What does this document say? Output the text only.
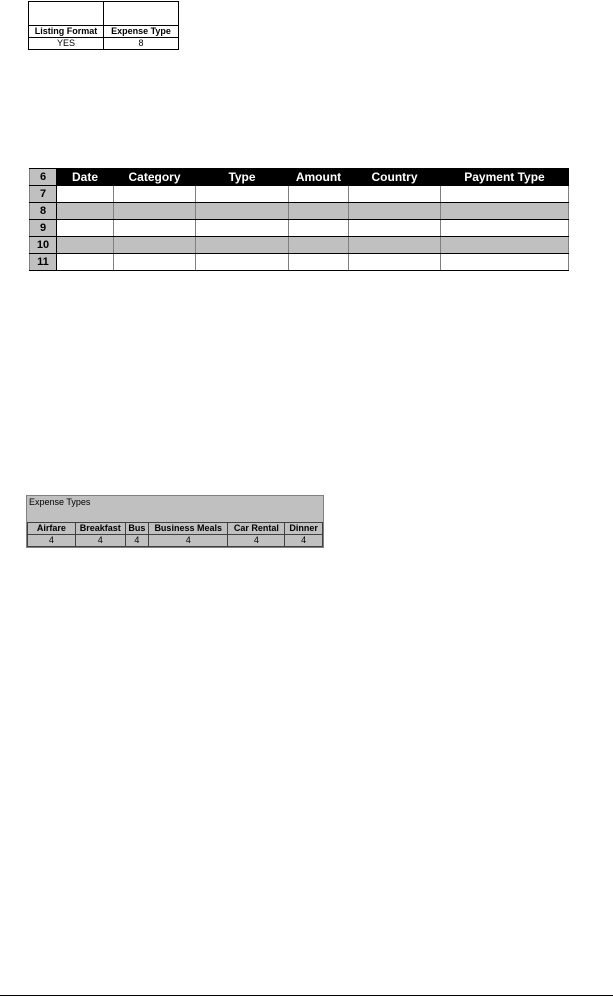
Listing Format	Expense Type
YES	8
6	Date	Category	Type	Amount	Country	Payment Type
7						
8						
9						
10						
11						
Expense Types
Airfare	Breakfast	Bus	Business Meals	Car Rental	Dinner
4	4	4	4	4	4
